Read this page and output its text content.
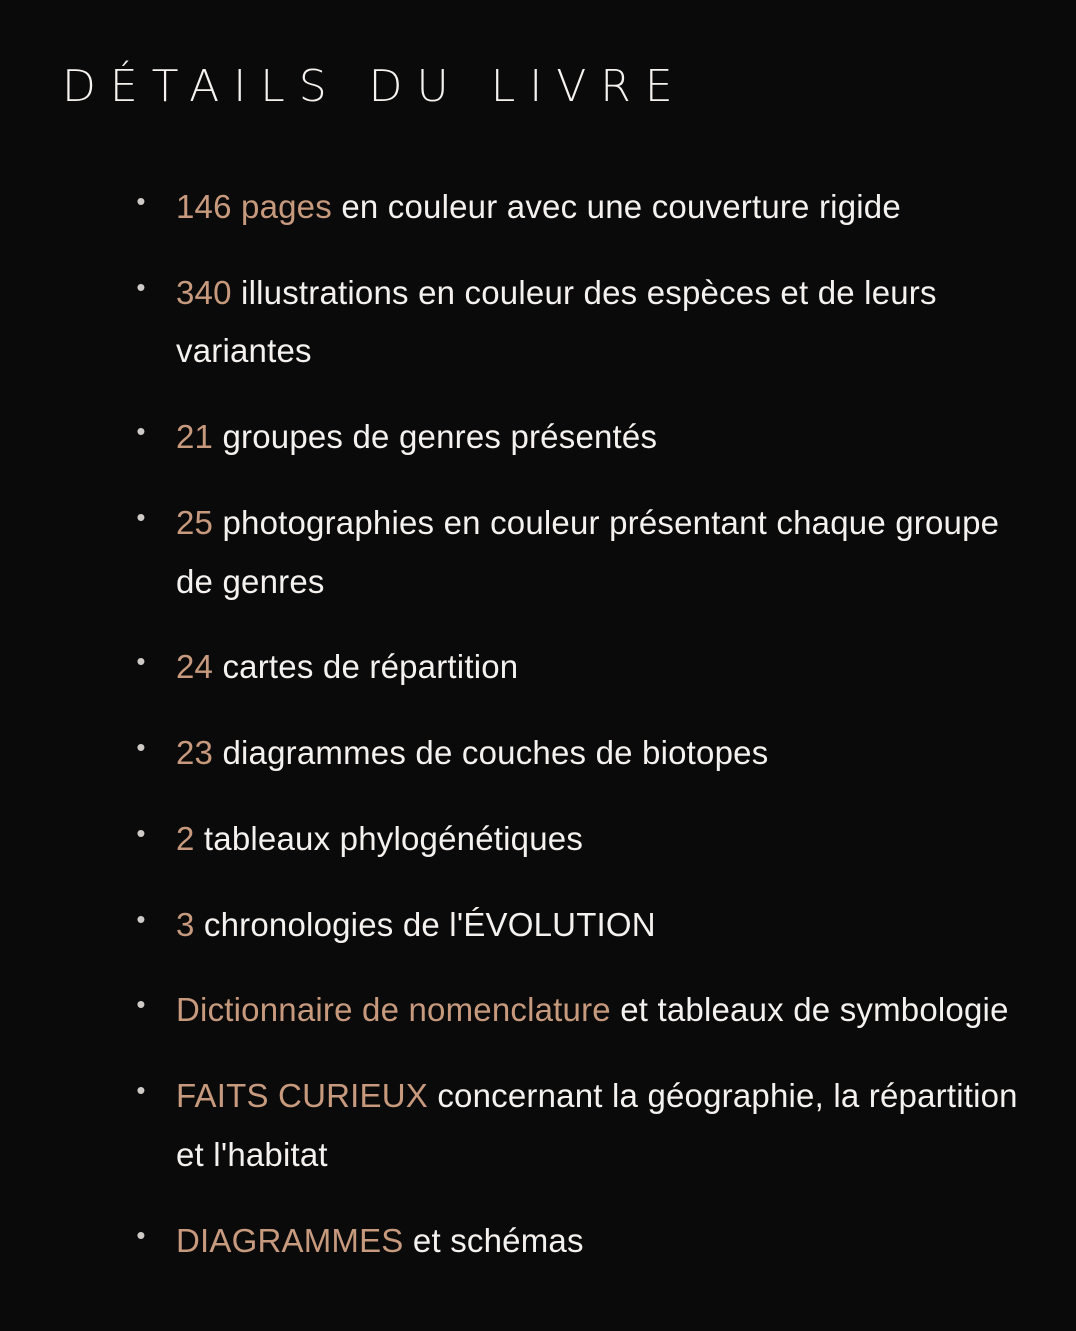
DÉTAILS DU LIVRE
• 146 pages en couleur avec une couverture rigide
• 340 illustrations en couleur des espèces et de leurs variantes
• 21 groupes de genres présentés
• 25 photographies en couleur présentant chaque groupe de genres
• 24 cartes de répartition
• 23 diagrammes de couches de biotopes
• 2 tableaux phylogénétiques
• 3 chronologies de l'ÉVOLUTION
• Dictionnaire de nomenclature et tableaux de symbologie
• FAITS CURIEUX concernant la géographie, la répartition et l'habitat
• DIAGRAMMES et schémas
